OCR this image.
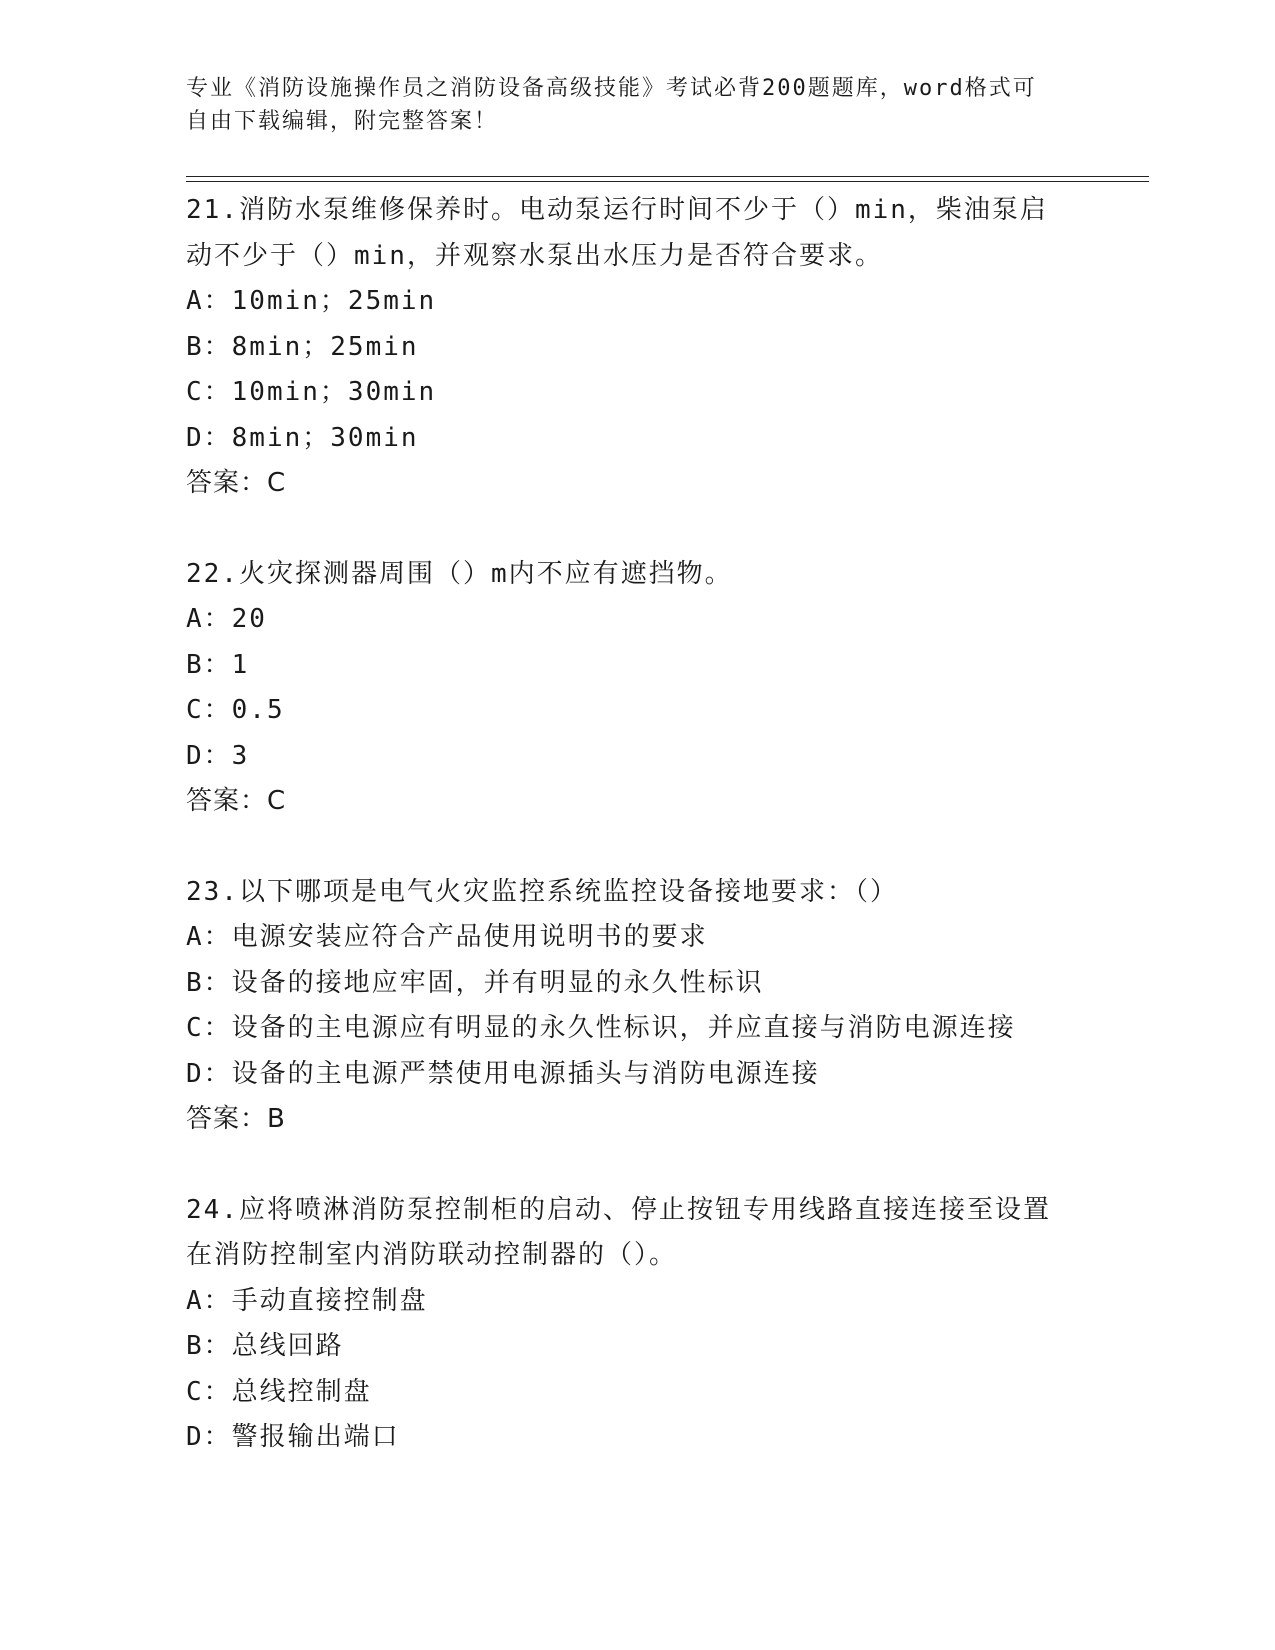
专业《消防设施操作员之消防设备高级技能》考试必背200题题库，word格式可
自由下载编辑，附完整答案！
21.消防水泵维修保养时。电动泵运行时间不少于（）min，柴油泵启
动不少于（）min，并观察水泵出水压力是否符合要求。
A：10min；25min
B：8min；25min
C：10min；30min
D：8min；30min
答案：C
22.火灾探测器周围（）m内不应有遮挡物。
A：20
B：1
C：0.5
D：3
答案：C
23.以下哪项是电气火灾监控系统监控设备接地要求：（）
A：电源安装应符合产品使用说明书的要求
B：设备的接地应牢固，并有明显的永久性标识
C：设备的主电源应有明显的永久性标识，并应直接与消防电源连接
D：设备的主电源严禁使用电源插头与消防电源连接
答案：B
24.应将喷淋消防泵控制柜的启动、停止按钮专用线路直接连接至设置
在消防控制室内消防联动控制器的（）。
A：手动直接控制盘
B：总线回路
C：总线控制盘
D：警报输出端口
